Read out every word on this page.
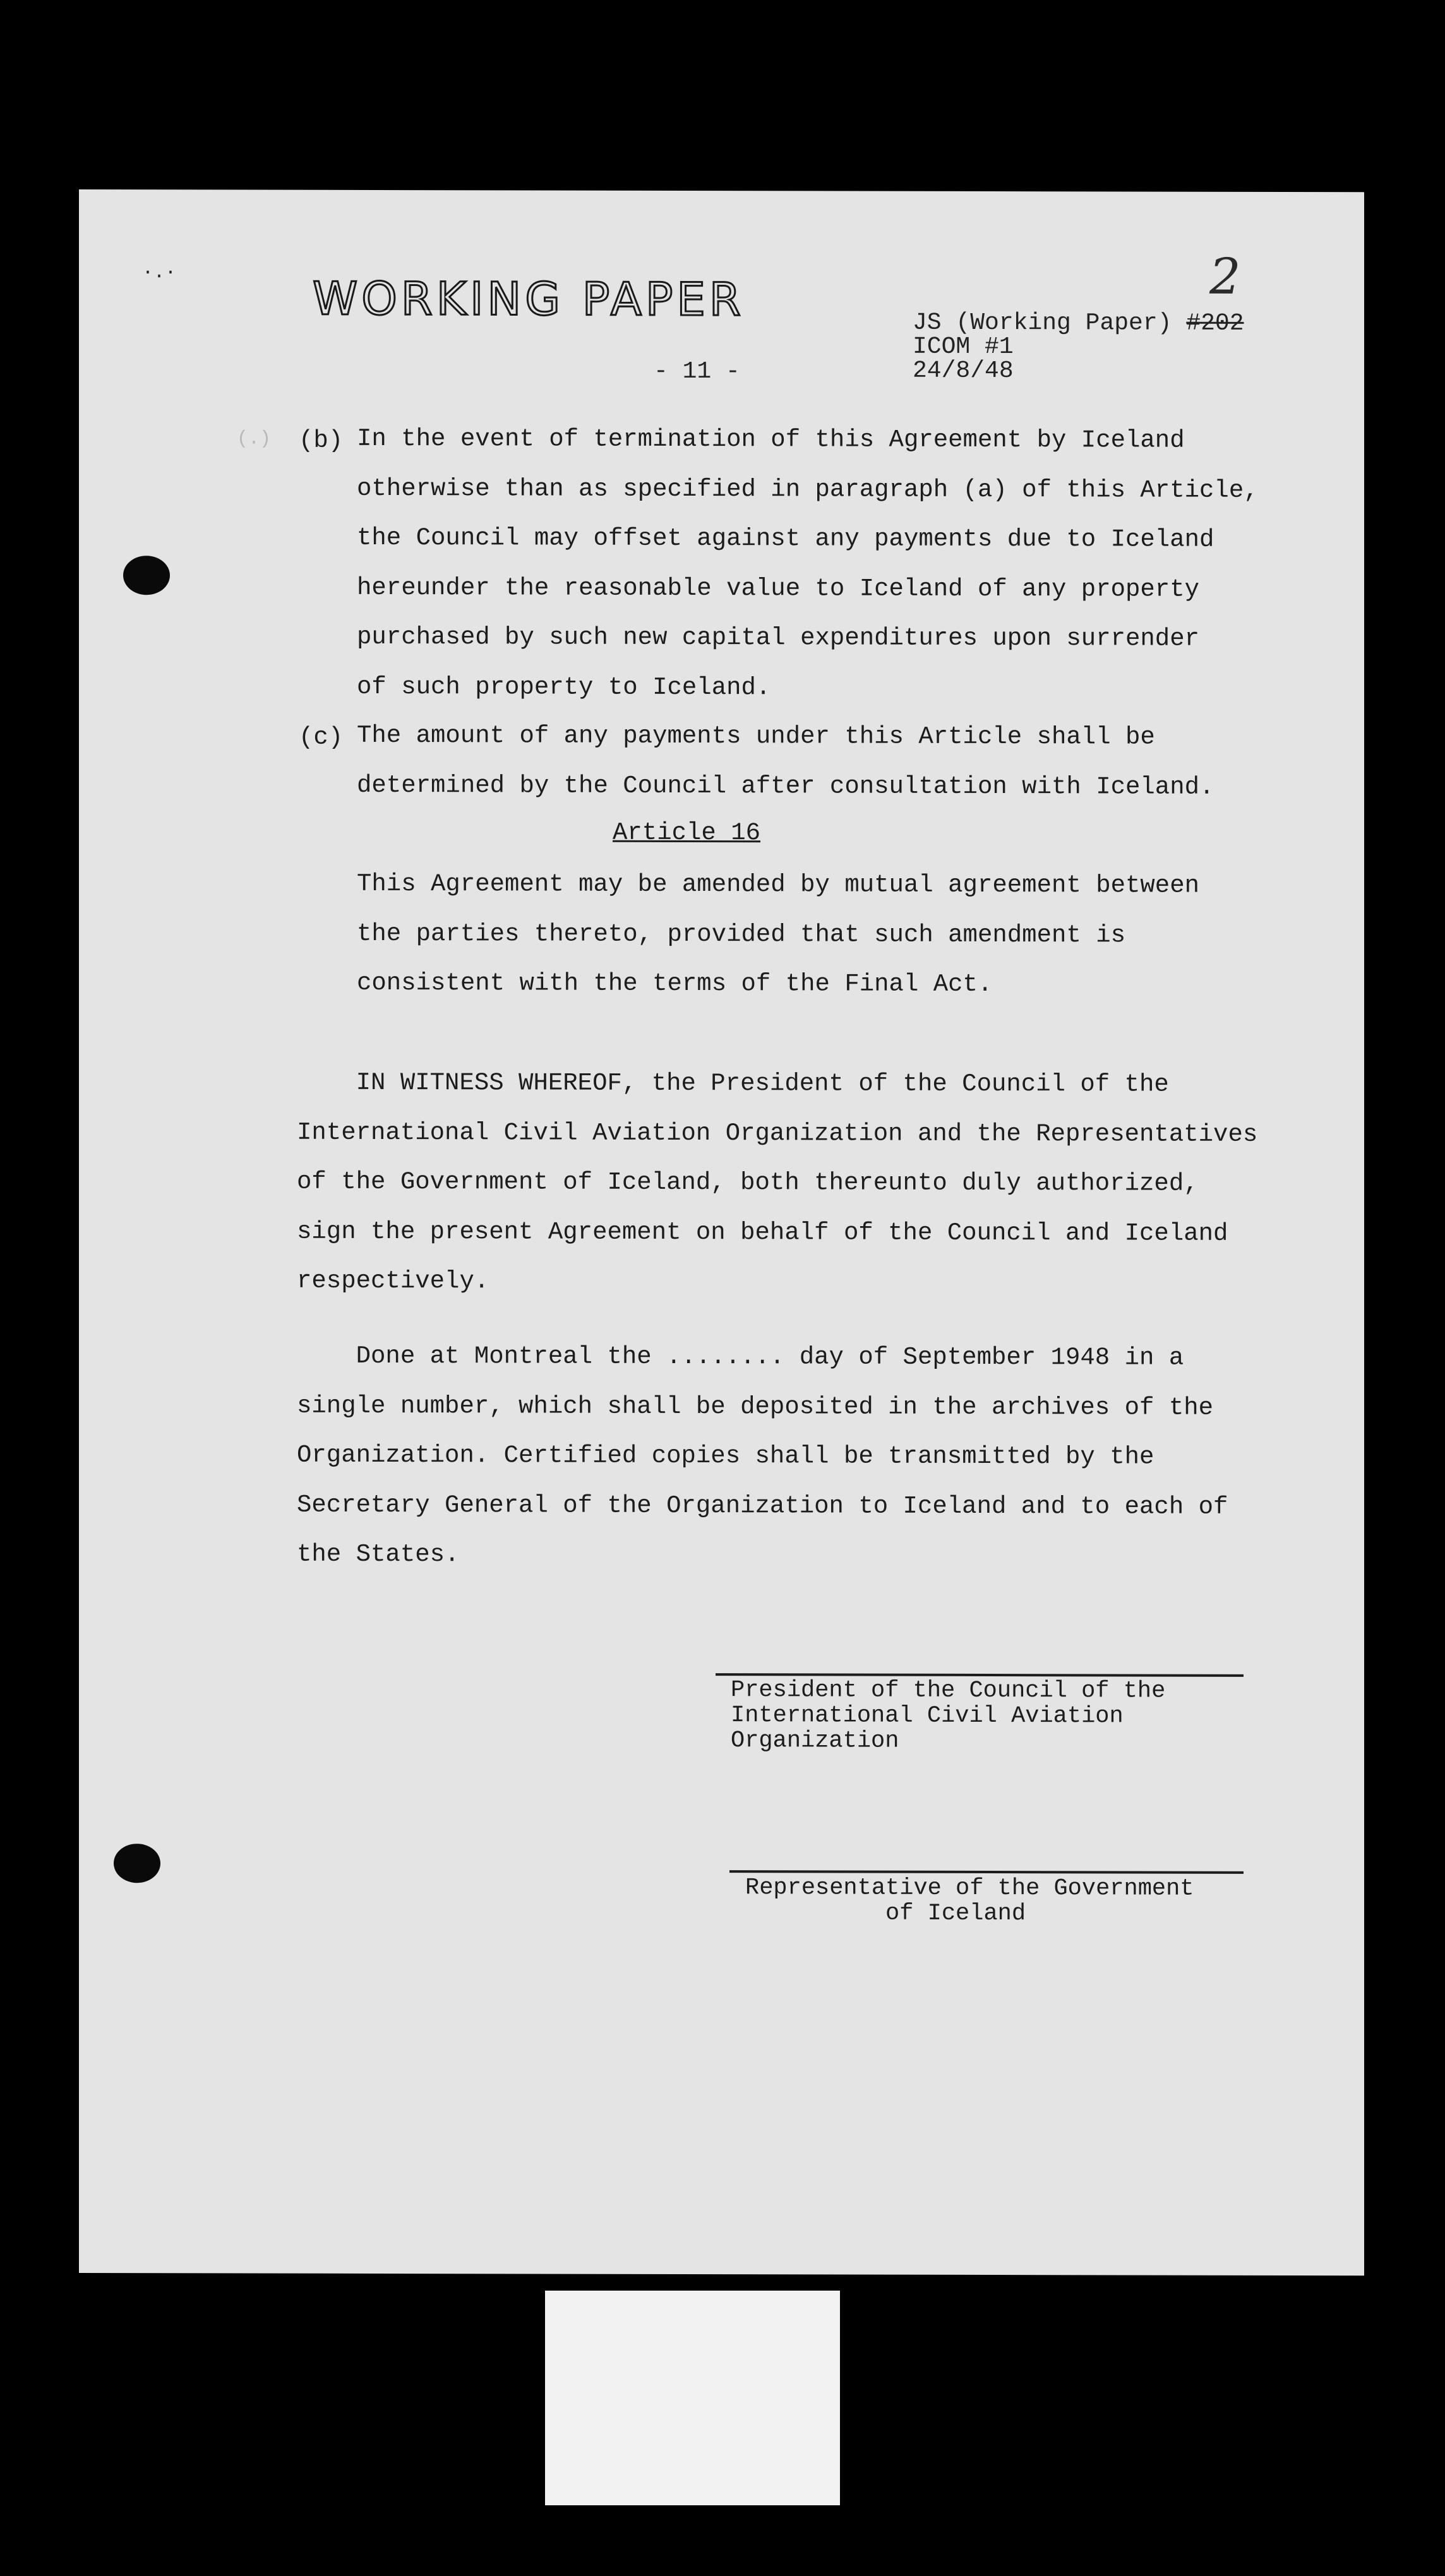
·.·	WORKING PAPER	2
JS (Working Paper) #202
ICOM #1
24/8/48
- 11 -
(.) (b) In the event of termination of this Agreement by Iceland
otherwise than as specified in paragraph (a) of this Article,
the Council may offset against any payments due to Iceland
hereunder the reasonable value to Iceland of any property
purchased by such new capital expenditures upon surrender
of such property to Iceland.
(c) The amount of any payments under this Article shall be
determined by the Council after consultation with Iceland.
Article 16
This Agreement may be amended by mutual agreement between
the parties thereto, provided that such amendment is
consistent with the terms of the Final Act.
IN WITNESS WHEREOF, the President of the Council of the
International Civil Aviation Organization and the Representatives
of the Government of Iceland, both thereunto duly authorized,
sign the present Agreement on behalf of the Council and Iceland
respectively.
Done at Montreal the ........ day of September 1948 in a
single number, which shall be deposited in the archives of the
Organization. Certified copies shall be transmitted by the
Secretary General of the Organization to Iceland and to each of
the States.
President of the Council of the
International Civil Aviation
Organization
Representative of the Government
of Iceland
